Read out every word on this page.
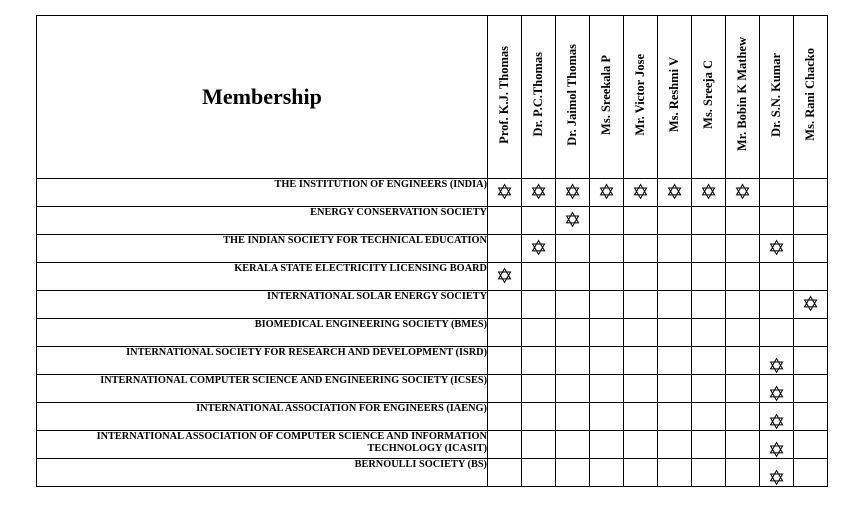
Membership	Prof. K.J. Thomas	Dr. P.C.Thomas	Dr. Jaimol Thomas	Ms. Sreekala P	Mr. Victor Jose	Ms. Reshmi V	Ms. Sreeja C	Mr. Bobin K Mathew	Dr. S.N. Kumar	Ms. Rani Chacko
THE INSTITUTION OF ENGINEERS (INDIA)	✡	✡	✡	✡	✡	✡	✡	✡		
ENERGY CONSERVATION SOCIETY			✡							
THE INDIAN SOCIETY FOR TECHNICAL EDUCATION		✡							✡	
KERALA STATE ELECTRICITY LICENSING BOARD	✡									
INTERNATIONAL SOLAR ENERGY SOCIETY										✡
BIOMEDICAL ENGINEERING SOCIETY (BMES)										
INTERNATIONAL SOCIETY FOR RESEARCH AND DEVELOPMENT (ISRD)									✡	
INTERNATIONAL COMPUTER SCIENCE AND ENGINEERING SOCIETY (ICSES)									✡	
INTERNATIONAL ASSOCIATION FOR ENGINEERS (IAENG)									✡	
INTERNATIONAL ASSOCIATION OF COMPUTER SCIENCE AND INFORMATION TECHNOLOGY (ICASIT)									✡	
BERNOULLI SOCIETY (BS)									✡	
